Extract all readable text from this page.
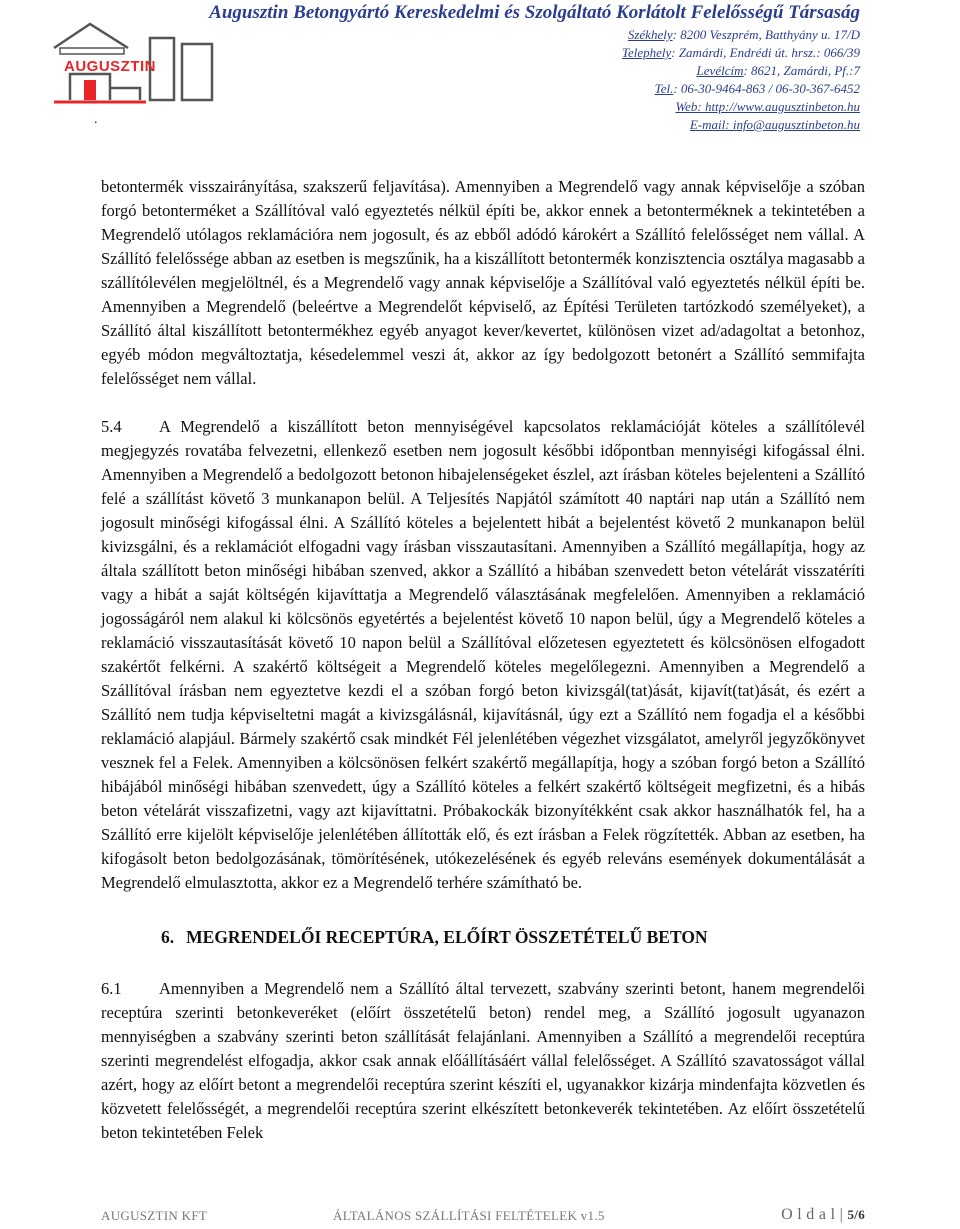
AUGUSZTIN
.
Augusztin Betongyártó Kereskedelmi és Szolgáltató Korlátolt Felelősségű Társaság
Székhely: 8200 Veszprém, Batthyány u. 17/D
Telephely: Zamárdi, Endrédi út. hrsz.: 066/39
Levélcím: 8621, Zamárdi, Pf.:7
Tel.: 06-30-9464-863 / 06-30-367-6452
Web: http://www.augusztinbeton.hu
E-mail: info@augusztinbeton.hu

betontermék visszairányítása, szakszerű feljavítása). Amennyiben a Megrendelő vagy annak képviselője a szóban forgó betonterméket a Szállítóval való egyeztetés nélkül építi be, akkor ennek a betonterméknek a tekintetében a Megrendelő utólagos reklamációra nem jogosult, és az ebből adódó károkért a Szállító felelősséget nem vállal. A Szállító felelőssége abban az esetben is megszűnik, ha a kiszállított betontermék konzisztencia osztálya magasabb a szállítólevélen megjelöltnél, és a Megrendelő vagy annak képviselője a Szállítóval való egyeztetés nélkül építi be. Amennyiben a Megrendelő (beleértve a Megrendelőt képviselő, az Építési Területen tartózkodó személyeket), a Szállító által kiszállított betontermékhez egyéb anyagot kever/kevertet, különösen vizet ad/adagoltat a betonhoz, egyéb módon megváltoztatja, késedelemmel veszi át, akkor az így bedolgozott betonért a Szállító semmifajta felelősséget nem vállal.

5.4 A Megrendelő a kiszállított beton mennyiségével kapcsolatos reklamációját köteles a szállítólevél megjegyzés rovatába felvezetni, ellenkező esetben nem jogosult későbbi időpontban mennyiségi kifogással élni. Amennyiben a Megrendelő a bedolgozott betonon hibajelenségeket észlel, azt írásban köteles bejelenteni a Szállító felé a szállítást követő 3 munkanapon belül. A Teljesítés Napjától számított 40 naptári nap után a Szállító nem jogosult minőségi kifogással élni. A Szállító köteles a bejelentett hibát a bejelentést követő 2 munkanapon belül kivizsgálni, és a reklamációt elfogadni vagy írásban visszautasítani. Amennyiben a Szállító megállapítja, hogy az általa szállított beton minőségi hibában szenved, akkor a Szállító a hibában szenvedett beton vételárát visszatéríti vagy a hibát a saját költségén kijavíttatja a Megrendelő választásának megfelelően. Amennyiben a reklamáció jogosságáról nem alakul ki kölcsönös egyetértés a bejelentést követő 10 napon belül, úgy a Megrendelő köteles a reklamáció visszautasítását követő 10 napon belül a Szállítóval előzetesen egyeztetett és kölcsönösen elfogadott szakértőt felkérni. A szakértő költségeit a Megrendelő köteles megelőlegezni. Amennyiben a Megrendelő a Szállítóval írásban nem egyeztetve kezdi el a szóban forgó beton kivizsgál(tat)ását, kijavít(tat)ását, és ezért a Szállító nem tudja képviseltetni magát a kivizsgálásnál, kijavításnál, úgy ezt a Szállító nem fogadja el a későbbi reklamáció alapjául. Bármely szakértő csak mindkét Fél jelenlétében végezhet vizsgálatot, amelyről jegyzőkönyvet vesznek fel a Felek. Amennyiben a kölcsönösen felkért szakértő megállapítja, hogy a szóban forgó beton a Szállító hibájából minőségi hibában szenvedett, úgy a Szállító köteles a felkért szakértő költségeit megfizetni, és a hibás beton vételárát visszafizetni, vagy azt kijavíttatni. Próbakockák bizonyítékként csak akkor használhatók fel, ha a Szállító erre kijelölt képviselője jelenlétében állították elő, és ezt írásban a Felek rögzítették. Abban az esetben, ha kifogásolt beton bedolgozásának, tömörítésének, utókezelésének és egyéb releváns események dokumentálását a Megrendelő elmulasztotta, akkor ez a Megrendelő terhére számítható be.

6. MEGRENDELŐI RECEPTÚRA, ELŐÍRT ÖSSZETÉTELŰ BETON

6.1 Amennyiben a Megrendelő nem a Szállító által tervezett, szabvány szerinti betont, hanem megrendelői receptúra szerinti betonkeveréket (előírt összetételű beton) rendel meg, a Szállító jogosult ugyanazon mennyiségben a szabvány szerinti beton szállítását felajánlani. Amennyiben a Szállító a megrendelői receptúra szerinti megrendelést elfogadja, akkor csak annak előállításáért vállal felelősséget. A Szállító szavatosságot vállal azért, hogy az előírt betont a megrendelői receptúra szerint készíti el, ugyanakkor kizárja mindenfajta közvetlen és közvetett felelősségét, a megrendelői receptúra szerint elkészített betonkeverék tekintetében. Az előírt összetételű beton tekintetében Felek

AUGUSZTIN KFT	ÁLTALÁNOS SZÁLLÍTÁSI FELTÉTELEK v1.5	O l d a l | 5/6
